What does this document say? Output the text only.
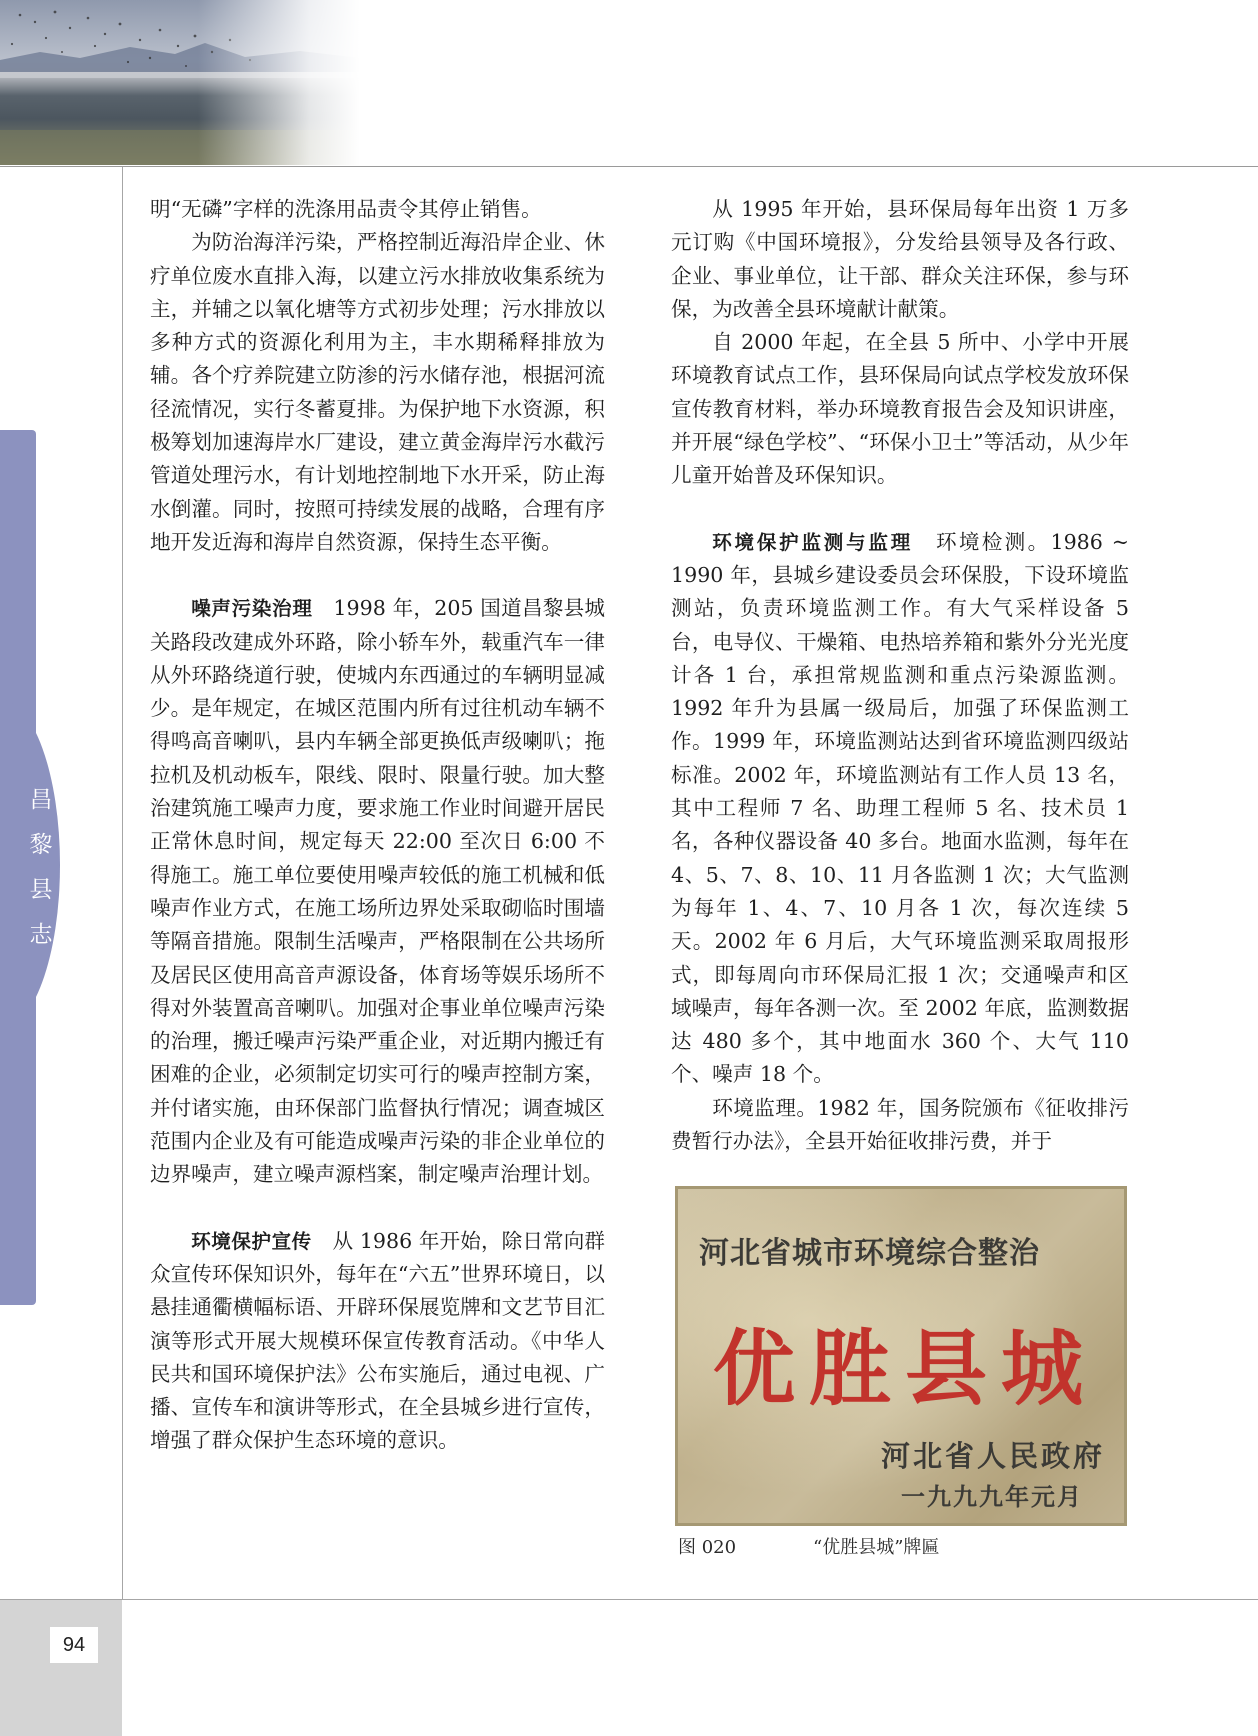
昌
黎
县
志

明“无磷”字样的洗涤用品责令其停止销售。

为防治海洋污染，严格控制近海沿岸企业、休疗单位废水直排入海，以建立污水排放收集系统为主，并辅之以氧化塘等方式初步处理；污水排放以多种方式的资源化利用为主，丰水期稀释排放为辅。各个疗养院建立防渗的污水储存池，根据河流径流情况，实行冬蓄夏排。为保护地下水资源，积极筹划加速海岸水厂建设，建立黄金海岸污水截污管道处理污水，有计划地控制地下水开采，防止海水倒灌。同时，按照可持续发展的战略，合理有序地开发近海和海岸自然资源，保持生态平衡。

噪声污染治理　 1998 年，205 国道昌黎县城关路段改建成外环路，除小轿车外，载重汽车一律从外环路绕道行驶，使城内东西通过的车辆明显减少。是年规定，在城区范围内所有过往机动车辆不得鸣高音喇叭，县内车辆全部更换低声级喇叭；拖拉机及机动板车，限线、限时、限量行驶。加大整治建筑施工噪声力度，要求施工作业时间避开居民正常休息时间，规定每天 22:00 至次日 6:00 不得施工。施工单位要使用噪声较低的施工机械和低噪声作业方式，在施工场所边界处采取砌临时围墙等隔音措施。限制生活噪声，严格限制在公共场所及居民区使用高音声源设备，体育场等娱乐场所不得对外装置高音喇叭。加强对企事业单位噪声污染的治理，搬迁噪声污染严重企业，对近期内搬迁有困难的企业，必须制定切实可行的噪声控制方案，并付诸实施，由环保部门监督执行情况；调查城区范围内企业及有可能造成噪声污染的非企业单位的边界噪声，建立噪声源档案，制定噪声治理计划。

环境保护宣传　 从 1986 年开始，除日常向群众宣传环保知识外，每年在“六五”世界环境日，以悬挂通衢横幅标语、开辟环保展览牌和文艺节目汇演等形式开展大规模环保宣传教育活动。《中华人民共和国环境保护法》公布实施后，通过电视、广播、宣传车和演讲等形式，在全县城乡进行宣传，增强了群众保护生态环境的意识。

从 1995 年开始，县环保局每年出资 1 万多元订购《中国环境报》，分发给县领导及各行政、企业、事业单位，让干部、群众关注环保，参与环保，为改善全县环境献计献策。

自 2000 年起，在全县 5 所中、小学中开展环境教育试点工作，县环保局向试点学校发放环保宣传教育材料，举办环境教育报告会及知识讲座，并开展“绿色学校”、“环保小卫士”等活动，从少年儿童开始普及环保知识。

环境保护监测与监理　 环境检测。1986 ~ 1990 年，县城乡建设委员会环保股，下设环境监测站，负责环境监测工作。有大气采样设备 5 台，电导仪、干燥箱、电热培养箱和紫外分光光度计各 1 台，承担常规监测和重点污染源监测。1992 年升为县属一级局后，加强了环保监测工作。1999 年，环境监测站达到省环境监测四级站标准。2002 年，环境监测站有工作人员 13 名，其中工程师 7 名、助理工程师 5 名、技术员 1 名，各种仪器设备 40 多台。地面水监测，每年在 4、5、7、8、10、11 月各监测 1 次；大气监测为每年 1、4、7、10 月各 1 次，每次连续 5 天。2002 年 6 月后，大气环境监测采取周报形式，即每周向市环保局汇报 1 次；交通噪声和区域噪声，每年各测一次。至 2002 年底，监测数据达 480 多个，其中地面水 360 个、大气 110 个、噪声 18 个。

环境监理。1982 年，国务院颁布《征收排污费暂行办法》，全县开始征收排污费，并于

河北省城市环境综合整治
优胜县城
河北省人民政府
一九九九年元月
图 020	“优胜县城”牌匾
94
